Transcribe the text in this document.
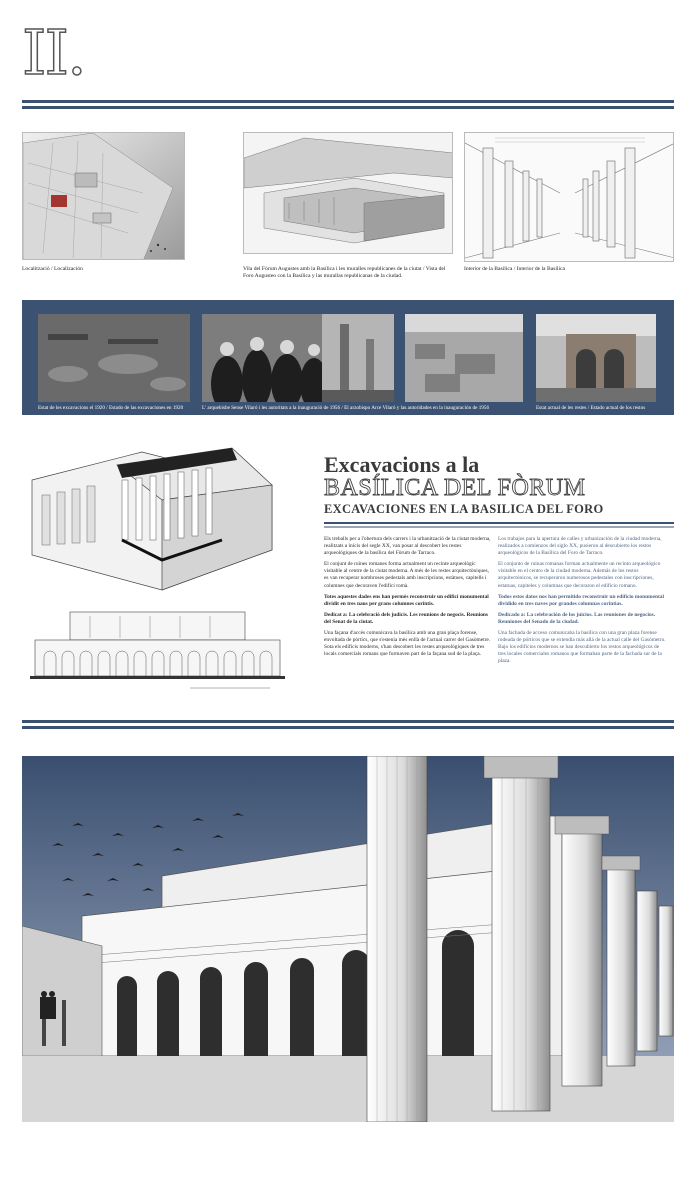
II.
Localització / Localización	Vila del Fòrum Augustes amb la Basílica i les muralles republicanes de la ciutat / Vista del Foro Augusteo con la Basílica y las murallas republicanas de la ciudad.
Interior de la Basílica / Interior de la Basílica
Estat de les excavacions el 1920 / Estado de las excavaciones en 1920	L' arquebisbe Sense Vilaró i les autoritats a la inauguració de 1956 / El arzobispo Arce Vilaró y las autoridades en la inauguración de 1956	Estat actual de les restes / Estado actual de los restos
Excavacions a la
BASÍLICA DEL FÒRUM
EXCAVACIONES EN LA BASILICA DEL FORO

Els treballs per a l'obertura dels carrers i la urbanització de la ciutat moderna, realitzats a inicis del segle XX, van posar al descobert les restes arqueològiques de la basílica del Fòrum de Tarraco.

El conjunt de ruïnes romanes forma actualment un recinte arqueològic visitable al centre de la ciutat moderna. A més de les restes arquitectòniques, es van recuperar nombroses pedestals amb inscripcions, estàtues, capitells i columnes que decoraven l'edifici romà.

Totes aquestes dades ens han permès reconstruir un edifici monumental dividit en tres naus per grans columnes corintis.

Dedicat a: La celebració dels judicis. Les reunions de negocis. Reunions del Senat de la ciutat.

Una façana d'accés comunicava la basílica amb una gran plaça forense, envoltada de pòrtics, que s'estenia més enllà de l'actual carrer del Gasòmetre. Sota els edificis moderns, s'han descobert les restes arqueològiques de tres locals comercials romans que formaven part de la façana sud de la plaça.

Los trabajos para la apertura de calles y urbanización de la ciudad moderna, realizados a comienzos del siglo XX, pusieron al descubierto los restos arqueológicos de la Basílica del Foro de Tarraco.

El conjunto de ruinas romanas forman actualmente un recinto arqueológico visitable en el centro de la ciudad moderna. Además de los restos arquitectónicos, se recuperaron numerosos pedestales con inscripciones, estatuas, capiteles y columnas que decoraron el edificio romano.

Todos estos datos nos han permitido reconstruir un edificio monumental dividido en tres naves por grandes columnas corintias.

Dedicado a: La celebración de los juicios. Las reuniones de negocios. Reuniones del Senado de la ciudad.

Una fachada de acceso comunicaba la basílica con una gran plaza forense rodeada de pórticos que se extendía más allá de la actual calle del Gasómetro. Bajo los edificios modernos se han descubierto los restos arqueológicos de tres locales comerciales romanos que formaban parte de la fachada sur de la plaza.
